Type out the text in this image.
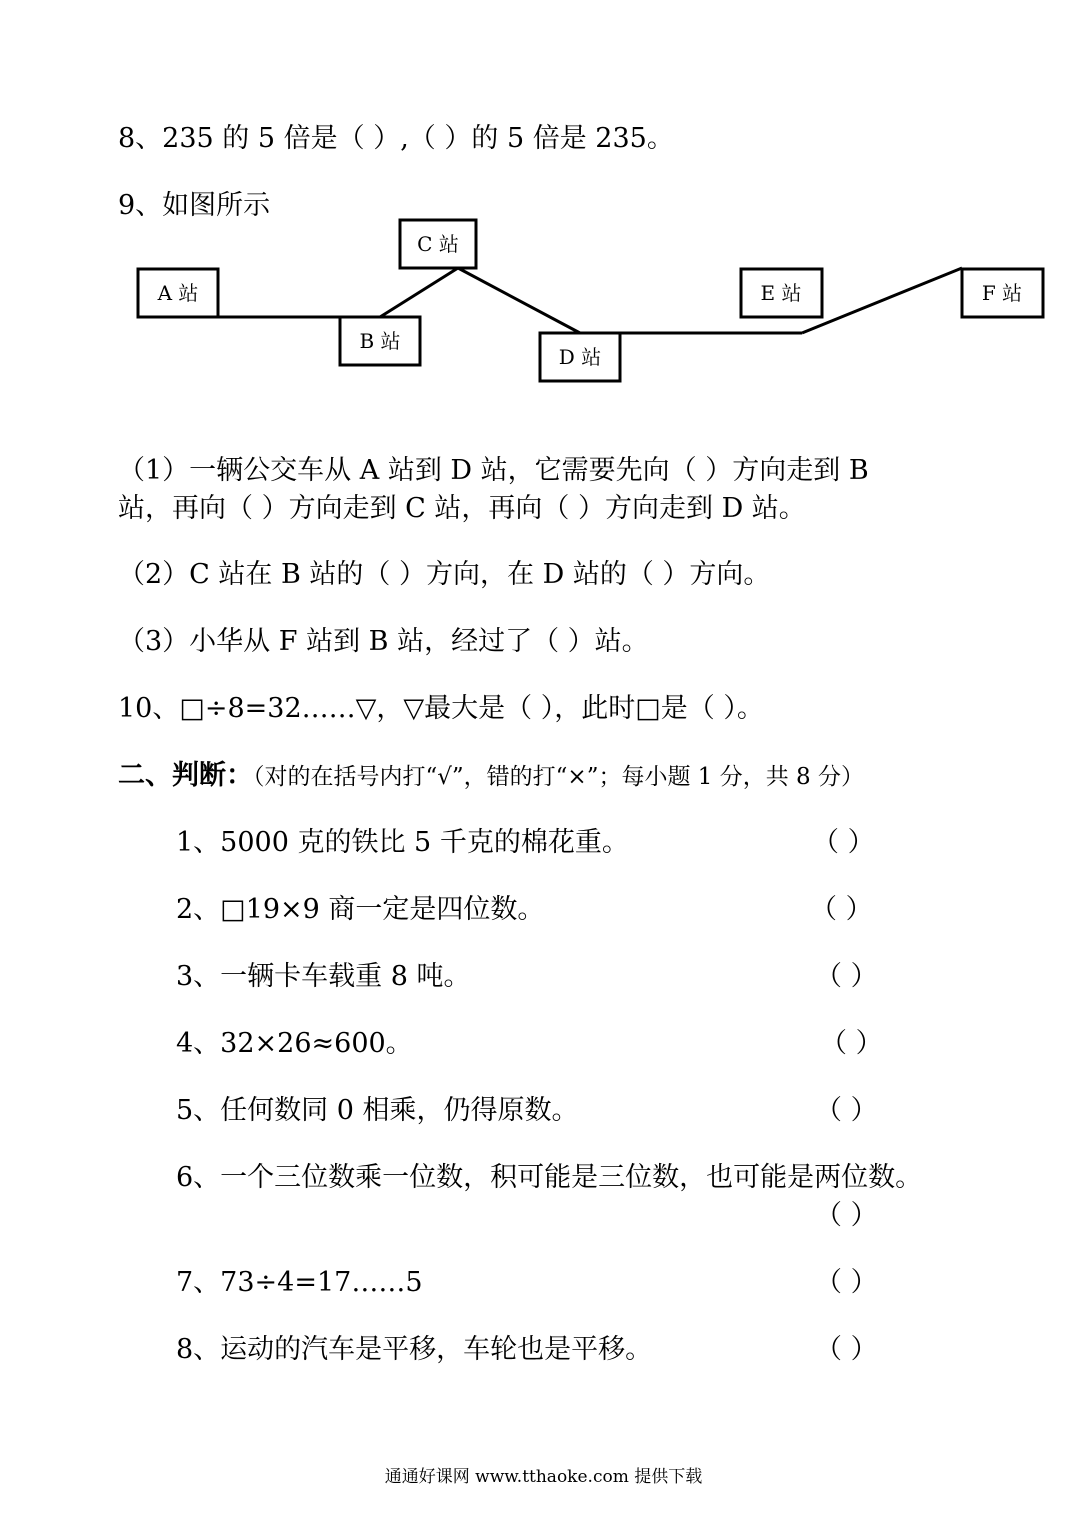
8、235 的 5 倍是（ ）,（ ）的 5 倍是 235。
9、如图所示
A 站
B 站
C 站
D 站
E 站	F 站
（1）一辆公交车从 A 站到 D 站，它需要先向（ ）方向走到 B
站，再向（ ）方向走到 C 站，再向（ ）方向走到 D 站。
（2）C 站在 B 站的（ ）方向，在 D 站的（ ）方向。
（3）小华从 F 站到 B 站，经过了（ ）站。
10、□÷8=32……▽，▽最大是（ ），此时□是（ ）。
二、判断：（对的在括号内打“√”，错的打“×”；每小题 1 分，共 8 分）
1、5000 克的铁比 5 千克的棉花重。	（ ）
2、□19×9 商一定是四位数。	（ ）
3、一辆卡车载重 8 吨。	（ ）
4、32×26≈600。	（ ）
5、任何数同 0 相乘，仍得原数。	（ ）
6、一个三位数乘一位数，积可能是三位数，也可能是两位数。
（ ）
7、73÷4=17……5	（ ）
8、运动的汽车是平移，车轮也是平移。	（ ）
通通好课网 www.tthaoke.com 提供下载
